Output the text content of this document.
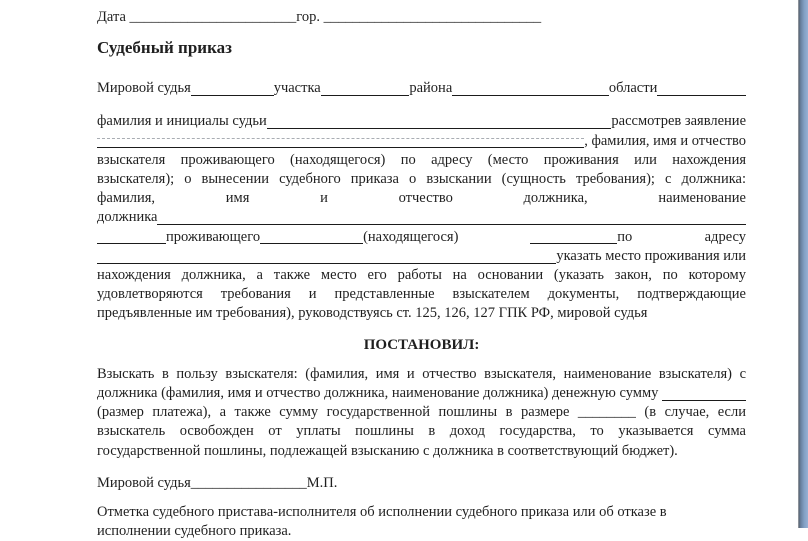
Дата _______________________гор. ______________________________
Судебный приказ
Мировой судья	участка	района	области
фамилия и инициалы судьи	рассмотрев заявление
, фамилия, имя и отчество
взыскателя проживающего (находящегося) по адресу (место проживания или нахождения
взыскателя); о вынесении судебного приказа о взыскании (сущность требования); с должника:
фамилия, имя и отчество должника, наименование
должника
проживающего	(находящегося)	по	адресу
указать место проживания или
нахождения должника, а также место его работы на основании (указать закон, по которому
удовлетворяются требования и представленные взыскателем документы, подтверждающие
предъявленные им требования), руководствуясь ст. 125, 126, 127 ГПК РФ, мировой судья
ПОСТАНОВИЛ:
Взыскать в пользу взыскателя: (фамилия, имя и отчество взыскателя, наименование взыскателя) с
должника (фамилия, имя и отчество должника, наименование должника) денежную сумму
(размер платежа), а также сумму государственной пошлины в размере ________ (в случае, если
взыскатель освобожден от уплаты пошлины в доход государства, то указывается сумма
государственной пошлины, подлежащей взысканию с должника в соответствующий бюджет).
Мировой судья________________М.П.
Отметка судебного пристава-исполнителя об исполнении судебного приказа или об отказе в
исполнении судебного приказа.
